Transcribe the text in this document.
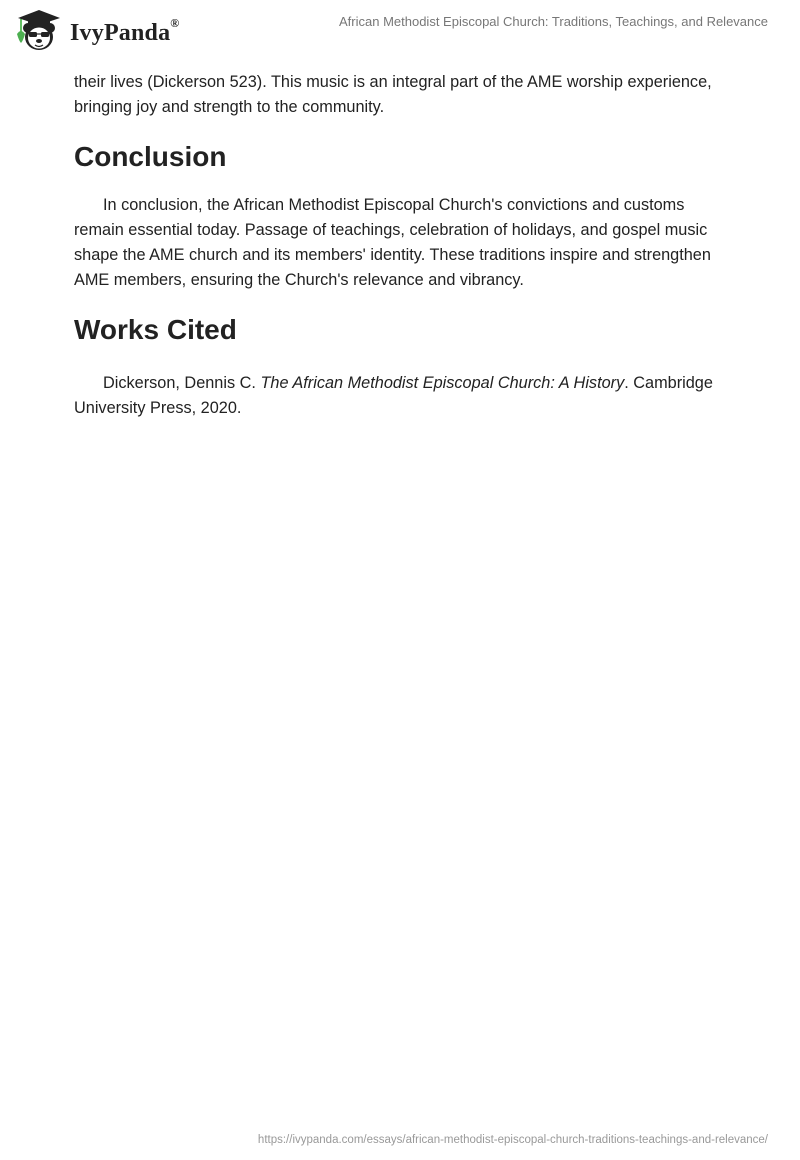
IvyPanda®	African Methodist Episcopal Church: Traditions, Teachings, and Relevance

their lives (Dickerson 523). This music is an integral part of the AME worship experience, bringing joy and strength to the community.

Conclusion

In conclusion, the African Methodist Episcopal Church's convictions and customs remain essential today. Passage of teachings, celebration of holidays, and gospel music shape the AME church and its members' identity. These traditions inspire and strengthen AME members, ensuring the Church's relevance and vibrancy.

Works Cited

Dickerson, Dennis C. The African Methodist Episcopal Church: A History. Cambridge University Press, 2020.

https://ivypanda.com/essays/african-methodist-episcopal-church-traditions-teachings-and-relevance/
